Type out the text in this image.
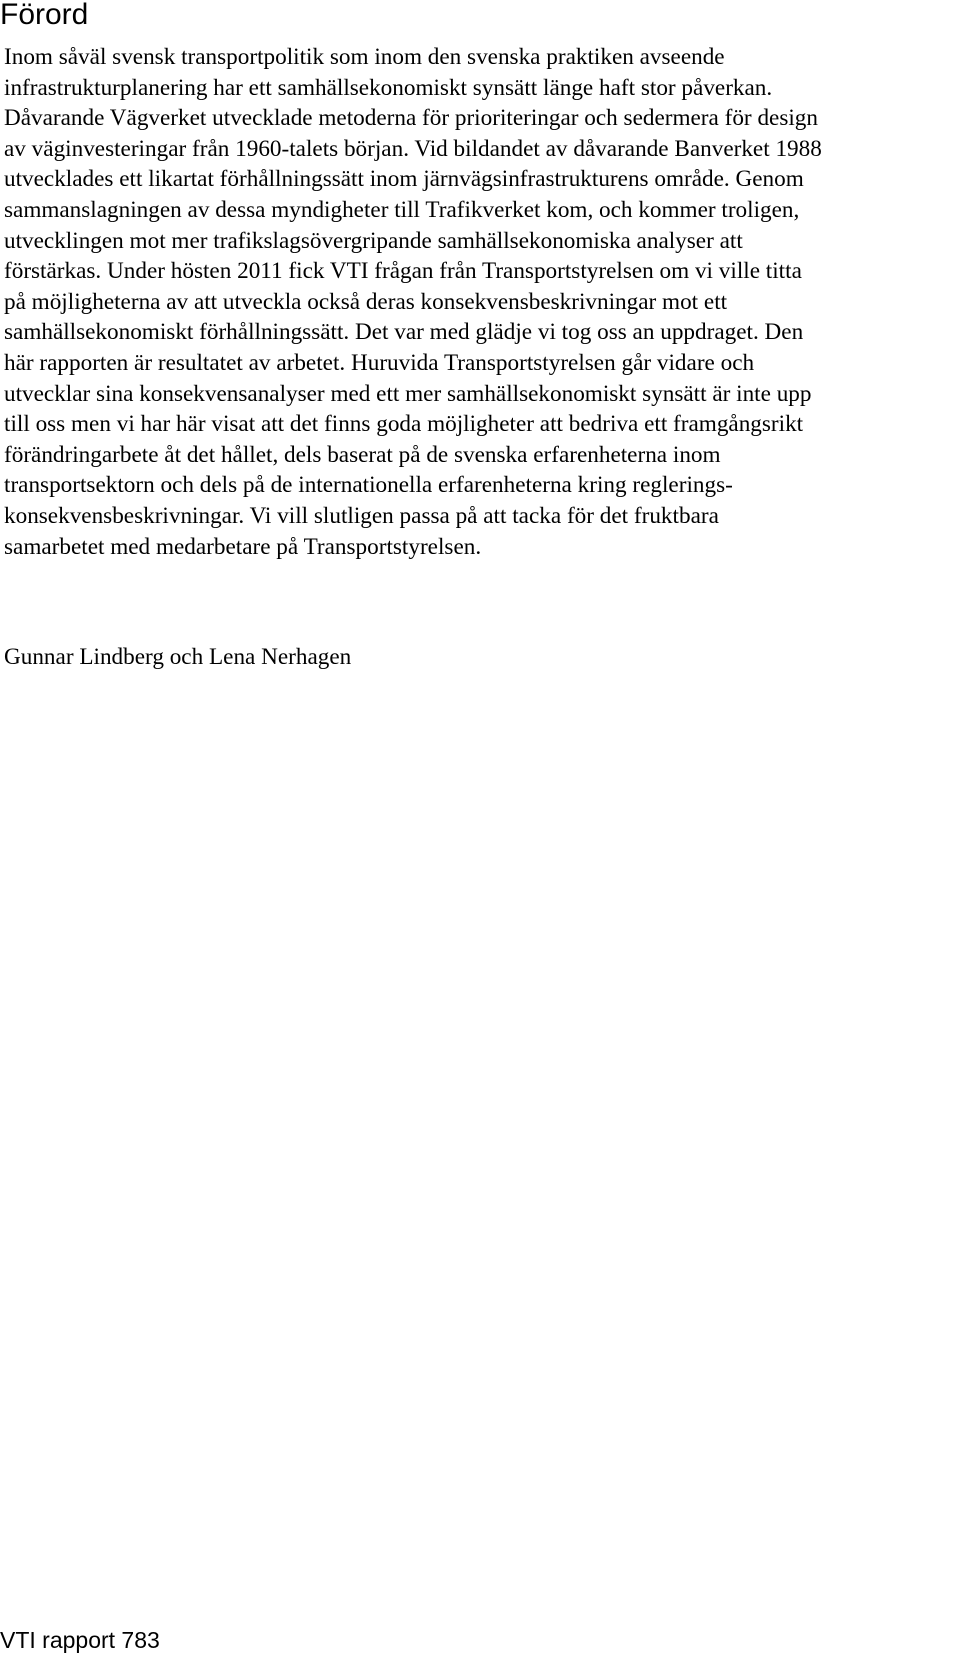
Förord
Inom såväl svensk transportpolitik som inom den svenska praktiken avseende
infrastrukturplanering har ett samhällsekonomiskt synsätt länge haft stor påverkan.
Dåvarande Vägverket utvecklade metoderna för prioriteringar och sedermera för design
av väginvesteringar från 1960-talets början. Vid bildandet av dåvarande Banverket 1988
utvecklades ett likartat förhållningssätt inom järnvägsinfrastrukturens område. Genom
sammanslagningen av dessa myndigheter till Trafikverket kom, och kommer troligen,
utvecklingen mot mer trafikslagsövergripande samhällsekonomiska analyser att
förstärkas. Under hösten 2011 fick VTI frågan från Transportstyrelsen om vi ville titta
på möjligheterna av att utveckla också deras konsekvensbeskrivningar mot ett
samhällsekonomiskt förhållningssätt. Det var med glädje vi tog oss an uppdraget. Den
här rapporten är resultatet av arbetet. Huruvida Transportstyrelsen går vidare och
utvecklar sina konsekvensanalyser med ett mer samhällsekonomiskt synsätt är inte upp
till oss men vi har här visat att det finns goda möjligheter att bedriva ett framgångsrikt
förändringarbete åt det hållet, dels baserat på de svenska erfarenheterna inom
transportsektorn och dels på de internationella erfarenheterna kring reglerings-
konsekvensbeskrivningar. Vi vill slutligen passa på att tacka för det fruktbara
samarbetet med medarbetare på Transportstyrelsen.

Gunnar Lindberg och Lena Nerhagen

VTI rapport 783
